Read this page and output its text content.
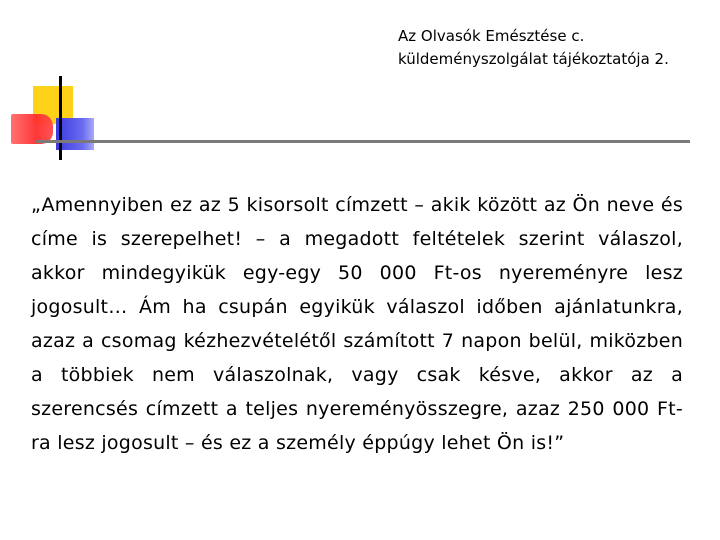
Az Olvasók Emésztése c.
küldeményszolgálat tájékoztatója 2.

„Amennyiben ez az 5 kisorsolt címzett – akik között az Ön neve és címe is szerepelhet! – a megadott feltételek szerint válaszol, akkor mindegyikük egy-egy 50 000 Ft-os nyereményre lesz jogosult… Ám ha csupán egyikük válaszol időben ajánlatunkra, azaz a csomag kézhezvételétől számított 7 napon belül, miközben a többiek nem válaszolnak, vagy csak késve, akkor az a szerencsés címzett a teljes nyereményösszegre, azaz 250 000 Ft-ra lesz jogosult – és ez a személy éppúgy lehet Ön is!”
